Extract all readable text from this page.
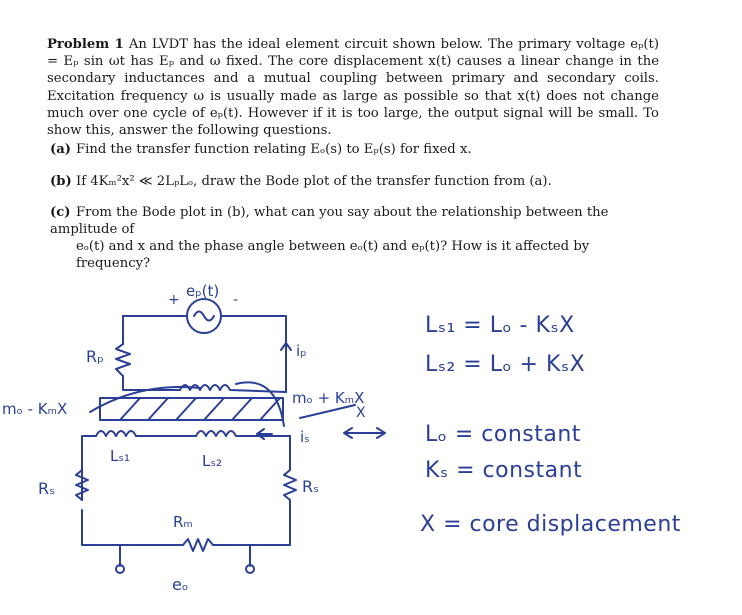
Problem 1 An LVDT has the ideal element circuit shown below. The primary voltage eₚ(t) = Eₚ sin ωt has Eₚ and ω fixed. The core displacement x(t) causes a linear change in the secondary inductances and a mutual coupling between primary and secondary coils. Excitation frequency ω is usually made as large as possible so that x(t) does not change much over one cycle of eₚ(t). However if it is too large, the output signal will be small. To show this, answer the following questions.
(a) Find the transfer function relating Eₒ(s) to Eₚ(s) for fixed x.
(b) If 4Kₘ²x² ≪ 2LₚLₒ, draw the Bode plot of the transfer function from (a).
(c) From the Bode plot in (b), what can you say about the relationship between the amplitude of
eₒ(t) and x and the phase angle between eₒ(t) and eₚ(t)? How is it affected by frequency?
eₚ(t)
+	-
Rₚ	iₚ
mₒ - KₘX
mₒ + KₘX
X
iₛ
Lₛ₁	Lₛ₂
Rₛ	Rₛ
Rₘ
eₒ
Lₛ₁ = Lₒ - KₛX
Lₛ₂ = Lₒ + KₛX
Lₒ = constant
Kₛ = constant
X = core displacement
